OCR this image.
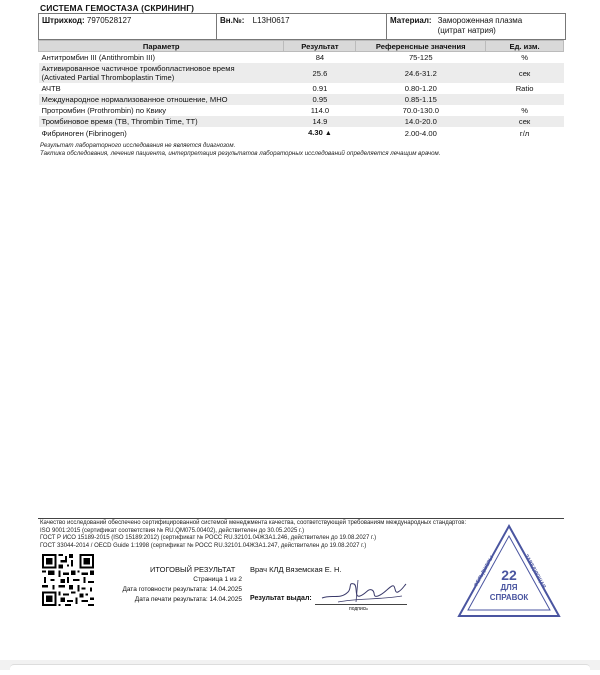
СИСТЕМА ГЕМОСТАЗА (СКРИНИНГ)
Штрихкод: 7970528127	Вн.№: L13H0617	Материал: Замороженная плазма
(цитрат натрия)
Параметр	Результат	Референсные значения	Ед. изм.
Антитромбин III (Antithrombin III)	84	75-125	%

Активированное частичное тромбопластиновое время
(Activated Partial Thromboplastin Time)	25.6	24.6-31.2	сек
АЧТВ	0.91	0.80-1.20	Ratio
Международное нормализованное отношение, МНО	0.95	0.85-1.15	
Протромбин (Prothrombin) по Квику	114.0	70.0-130.0	%
Тромбиновое время (ТВ, Thrombin Time, TT)	14.9	14.0-20.0	сек
Фибриноген (Fibrinogen)	4.30 ▲	2.00-4.00	г/л
Результат лабораторного исследования не является диагнозом.
Тактика обследования, лечения пациента, интерпретация результатов лабораторных исследований определяется лечащим врачом.
Качество исследований обеспечено сертифицированной системой менеджмента качества, соответствующей требованиям международных стандартов:
ISO 9001:2015 (сертификат соответствия № RU.QM075.00402), действителен до 30.05.2025 г.)
ГОСТ Р ИСО 15189-2015 (ISO 15189:2012) (сертификат № РОСС RU.32101.04ЖЗА1.246, действителен до 19.08.2027 г.)
ГОСТ 33044-2014 / OECD Guide 1:1998 (сертификат № РОСС RU.32101.04ЖЗА1.247, действителен до 19.08.2027 г.)
ИТОГОВЫЙ РЕЗУЛЬТАТ Врач КЛД Вяземская Е. Н.
Страница 1 из 2
Дата готовности результата: 14.04.2025
Дата печати результата: 14.04.2025 Результат выдал:
подпись
22
ДЛЯ
СПРАВОК
ФЕЛЬДШЕРЫ	ЗАВЕДУЮЩАЯ
